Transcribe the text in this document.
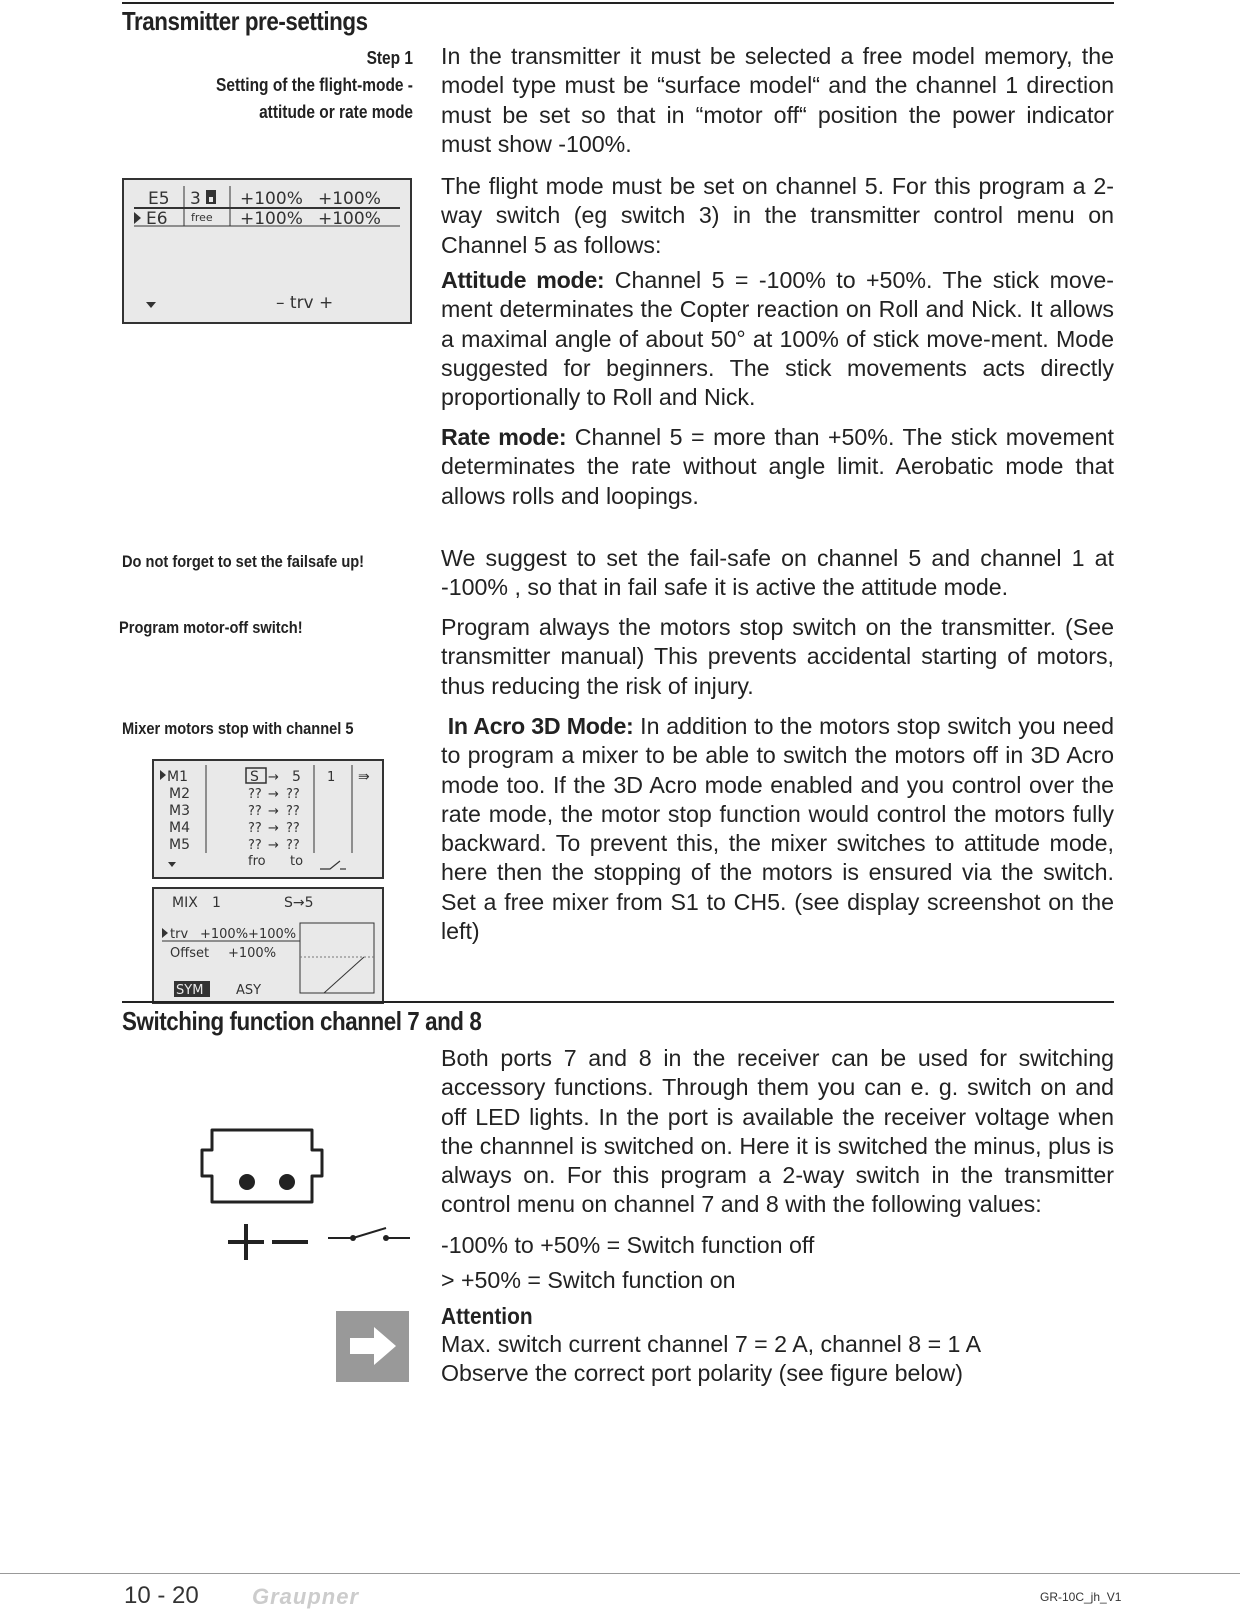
Transmitter pre-settings
Step 1
Setting of the flight-mode -
attitude or rate mode

In the transmitter it must be selected a free model memory, the model type must be “surface model“ and the channel 1 direction must be set so that in “motor off“ position the power indicator must show -100%.

The flight mode must be set on channel 5. For this program a 2-way switch (eg switch 3) in the transmitter control menu on Channel 5 as follows:

Attitude mode: Channel 5 = -100% to +50%. The stick move-ment determinates the Copter reaction on Roll and Nick. It allows a maximal angle of about 50° at 100% of stick move-ment. Mode suggested for beginners. The stick movements acts directly proportionally to Roll and Nick.

Rate mode: Channel 5 = more than +50%. The stick movement determinates the rate without angle limit. Aerobatic mode that allows rolls and loopings.

E5 3 +100% +100%
E6 free +100% +100%
– trv +
Do not forget to set the failsafe up!	We suggest to set the fail-safe on channel 5 and channel 1 at -100% , so that in fail safe it is active the attitude mode.

Program motor-off switch!	Program always the motors stop switch on the transmitter. (See transmitter manual) This prevents accidental starting of motors, thus reducing the risk of injury.

Mixer motors stop with channel 5	In Acro 3D Mode: In addition to the motors stop switch you need to program a mixer to be able to switch the motors off in 3D Acro mode too. If the 3D Acro mode enabled and you control over the rate mode, the motor stop function would control the motors fully backward. To prevent this, the mixer switches to attitude mode, here then the stopping of the motors is ensured via the switch. Set a free mixer from S1 to CH5. (see display screenshot on the left)

M1	S → 5 1 ⇛
M2	?? → ??
M3	?? → ??
M4	?? → ??
M5	?? → ??
fro to
MIX 1	S→5
trv +100%+100%
Offset +100%
SYM	ASY
Switching function channel 7 and 8

Both ports 7 and 8 in the receiver can be used for switching accessory functions. Through them you can e. g. switch on and off LED lights. In the port is available the receiver voltage when the channnel is switched on. Here it is switched the minus, plus is always on. For this program a 2-way switch in the transmitter control menu on channel 7 and 8 with the following values:

-100% to +50% = Switch function off
> +50% = Switch function on
Attention
Max. switch current channel 7 = 2 A, channel 8 = 1 A
Observe the correct port polarity (see figure below)
10 - 20 Graupner	GR-10C_jh_V1
